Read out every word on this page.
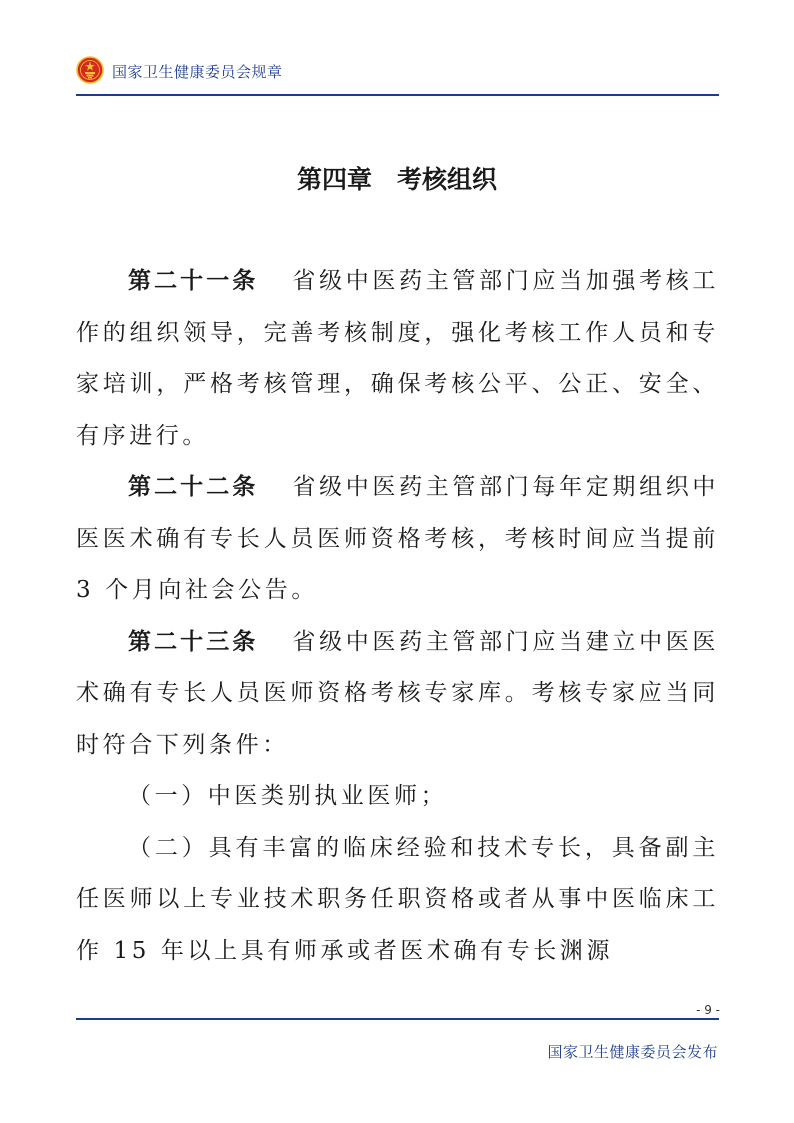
国家卫生健康委员会规章
第四章　考核组织

第二十一条 省级中医药主管部门应当加强考核工作的组织领导，完善考核制度，强化考核工作人员和专家培训，严格考核管理，确保考核公平、公正、安全、有序进行。

第二十二条 省级中医药主管部门每年定期组织中医医术确有专长人员医师资格考核，考核时间应当提前 3 个月向社会公告。

第二十三条 省级中医药主管部门应当建立中医医术确有专长人员医师资格考核专家库。考核专家应当同时符合下列条件：

（一）中医类别执业医师；

（二）具有丰富的临床经验和技术专长，具备副主任医师以上专业技术职务任职资格或者从事中医临床工作 15 年以上具有师承或者医术确有专长渊源

- 9 -
国家卫生健康委员会发布
